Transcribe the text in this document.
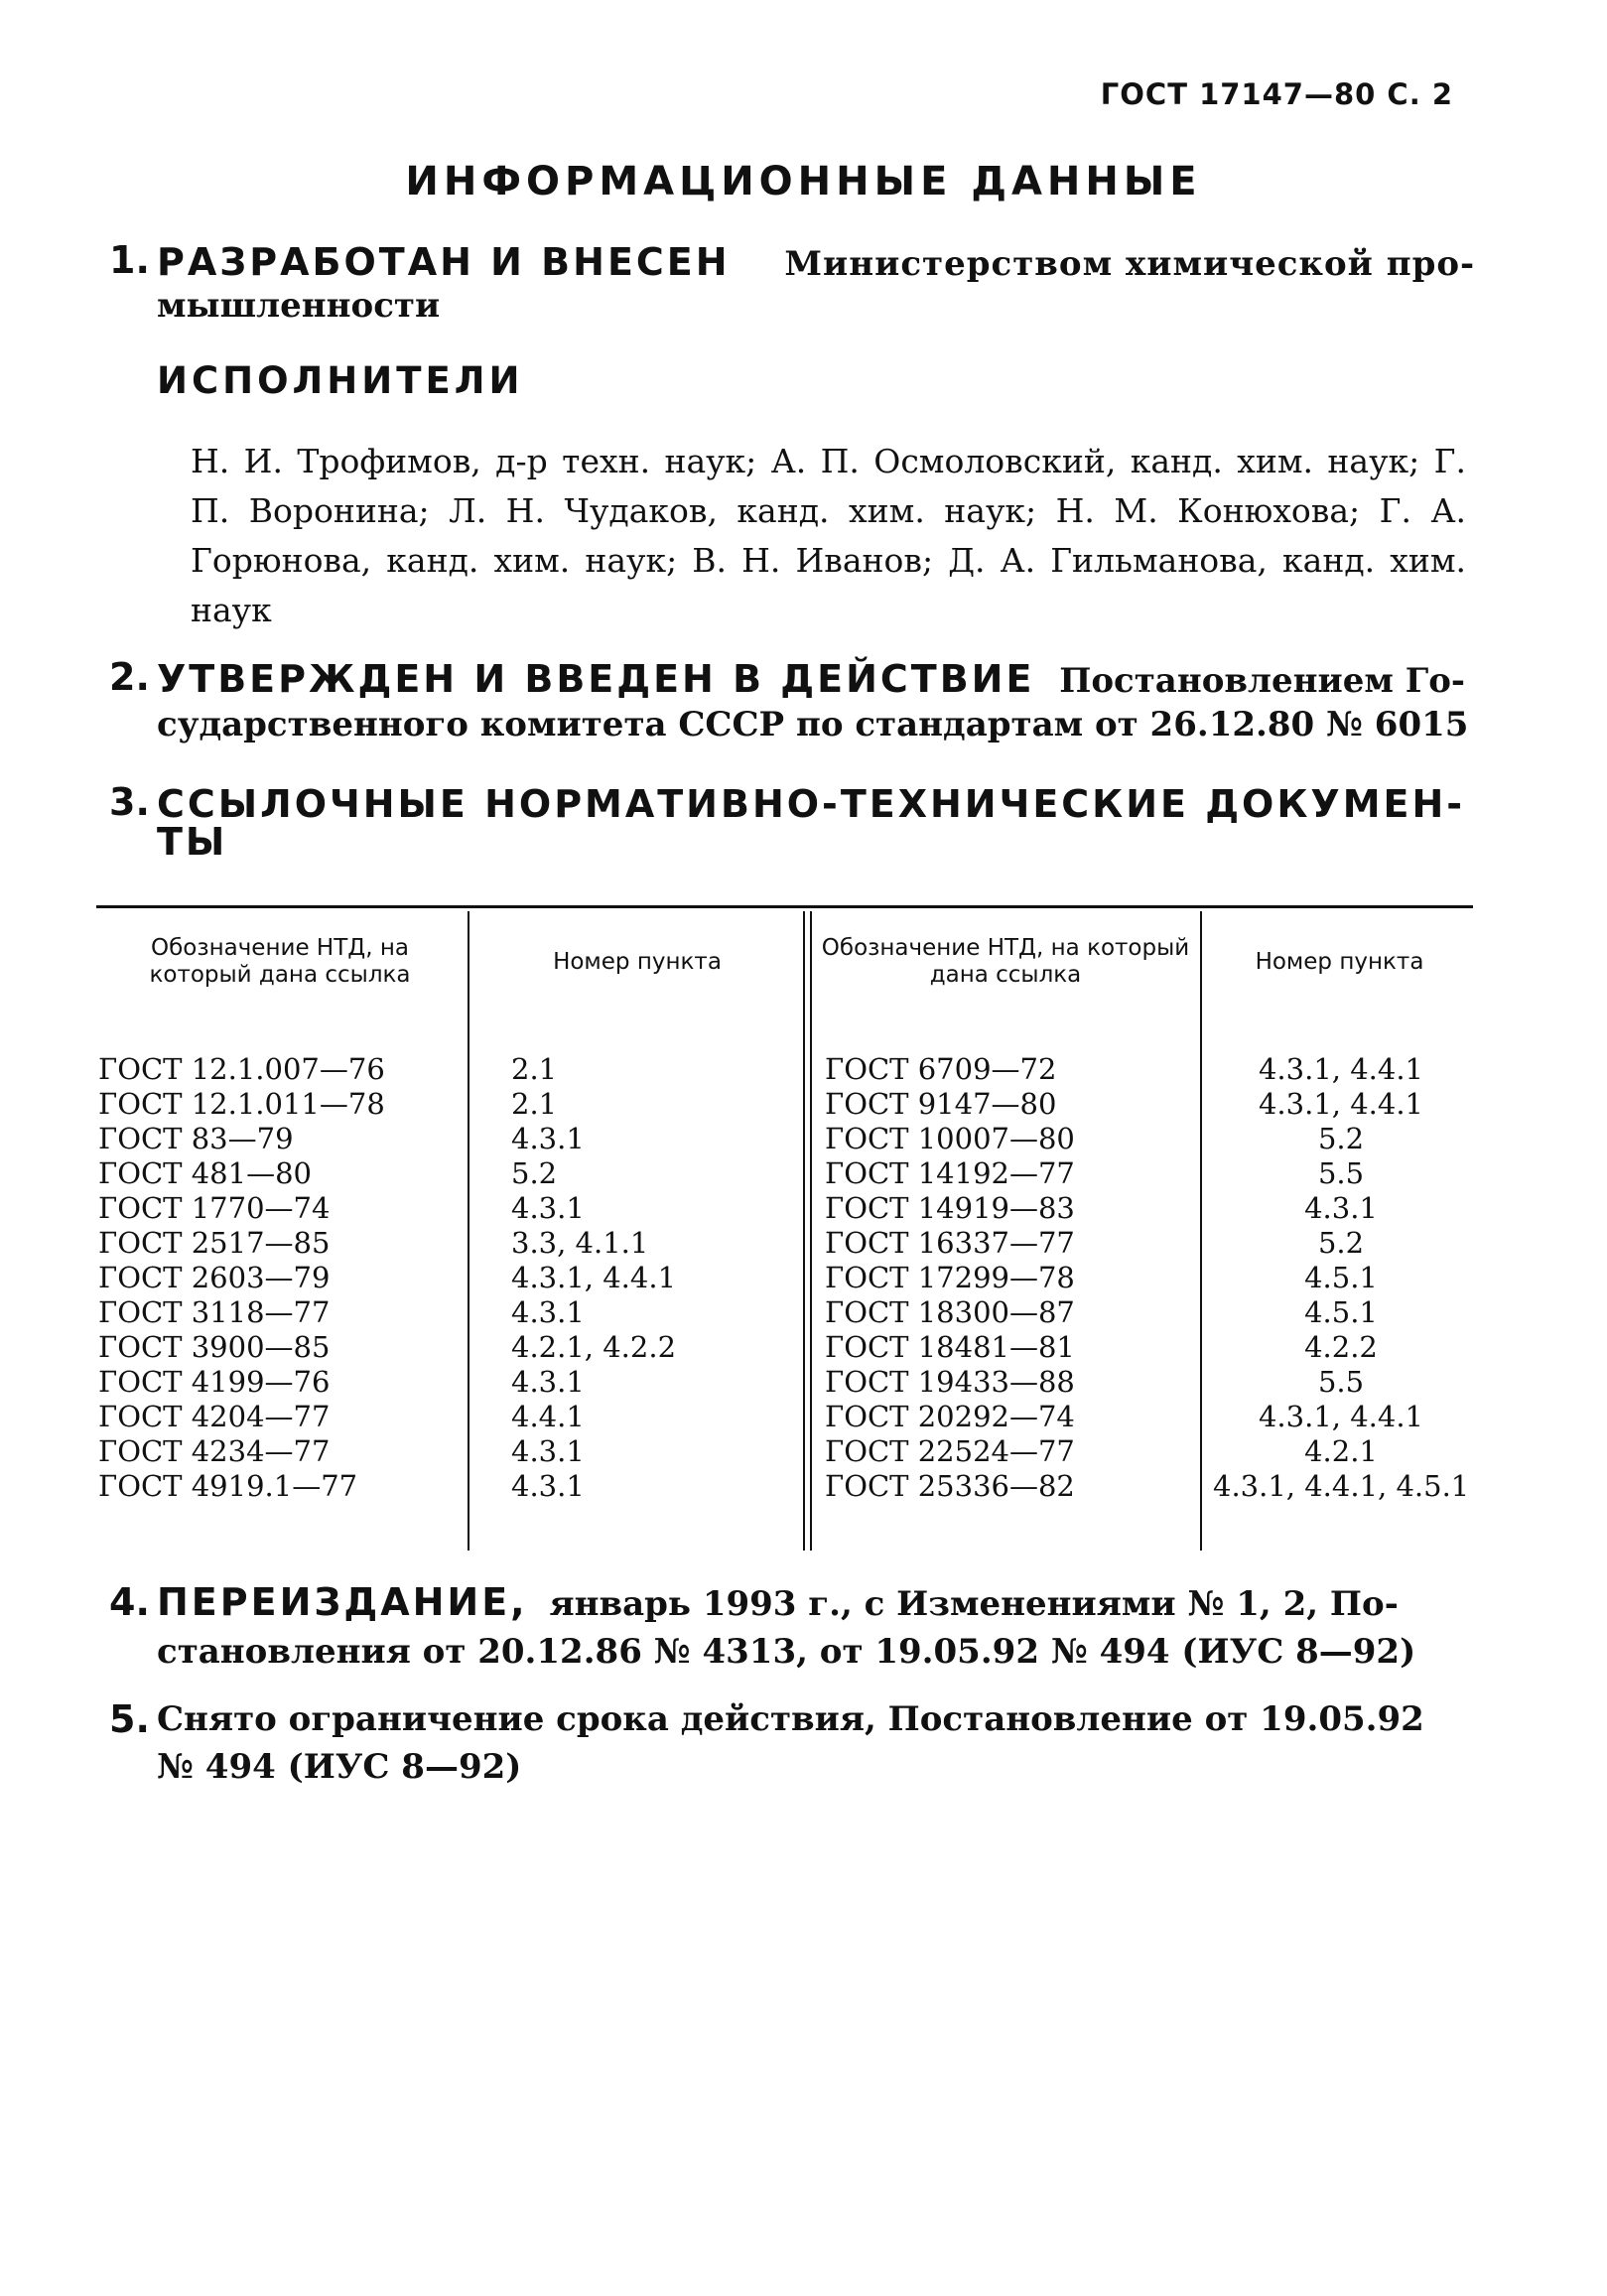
ГОСТ 17147—80 С. 2
ИНФОРМАЦИОННЫЕ ДАННЫЕ
1. РАЗРАБОТАН И ВНЕСЕН Министерством химической про-
мышленности
ИСПОЛНИТЕЛИ
Н. И. Трофимов, д-р техн. наук; А. П. Осмоловский, канд. хим. наук; Г. П. Воронина; Л. Н. Чудаков, канд. хим. наук; Н. М. Конюхова; Г. А. Горюнова, канд. хим. наук; В. Н. Иванов; Д. А. Гильманова, канд. хим. наук
2. УТВЕРЖДЕН И ВВЕДЕН В ДЕЙСТВИЕ Постановлением Го-
сударственного комитета СССР по стандартам от 26.12.80 № 6015
3. ССЫЛОЧНЫЕ НОРМАТИВНО-ТЕХНИЧЕСКИЕ ДОКУМЕН-
ТЫ
Обозначение НТД, на который дана ссылка	Номер пункта
Обозначение НТД, на который дана ссылка	Номер пункта
ГОСТ 12.1.007—76
ГОСТ 12.1.011—78
ГОСТ 83—79
ГОСТ 481—80
ГОСТ 1770—74
ГОСТ 2517—85
ГОСТ 2603—79
ГОСТ 3118—77
ГОСТ 3900—85
ГОСТ 4199—76
ГОСТ 4204—77
ГОСТ 4234—77
ГОСТ 4919.1—77
2.1
2.1
4.3.1
5.2
4.3.1
3.3, 4.1.1
4.3.1, 4.4.1
4.3.1
4.2.1, 4.2.2
4.3.1
4.4.1
4.3.1
4.3.1
ГОСТ 6709—72
ГОСТ 9147—80
ГОСТ 10007—80
ГОСТ 14192—77
ГОСТ 14919—83
ГОСТ 16337—77
ГОСТ 17299—78
ГОСТ 18300—87
ГОСТ 18481—81
ГОСТ 19433—88
ГОСТ 20292—74
ГОСТ 22524—77
ГОСТ 25336—82
4.3.1, 4.4.1
4.3.1, 4.4.1
5.2
5.5
4.3.1
5.2
4.5.1
4.5.1
4.2.2
5.5
4.3.1, 4.4.1
4.2.1
4.3.1, 4.4.1, 4.5.1
4. ПЕРЕИЗДАНИЕ, январь 1993 г., с Изменениями № 1, 2, По-
становления от 20.12.86 № 4313, от 19.05.92 № 494 (ИУС 8—92)
5. Снято ограничение срока действия, Постановление от 19.05.92
№ 494 (ИУС 8—92)
